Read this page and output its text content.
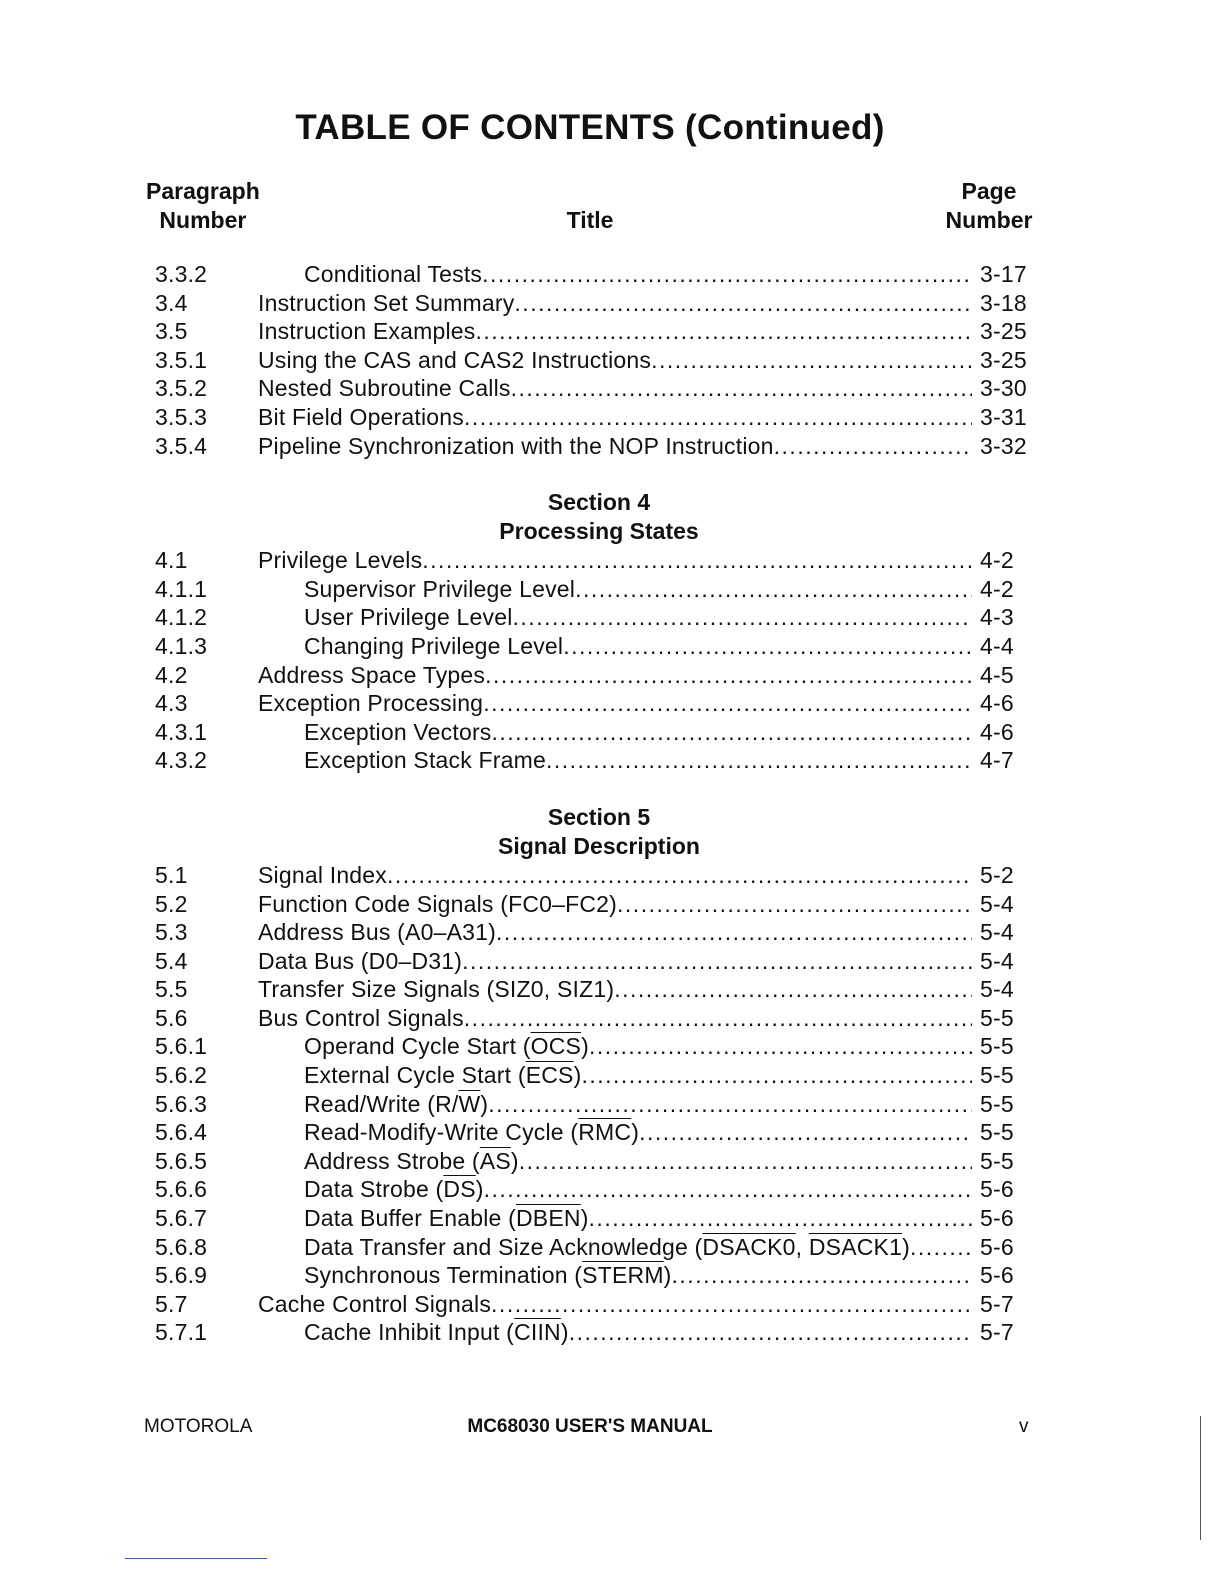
TABLE OF CONTENTS (Continued)
Paragraph
Number	Title
Page
Number
3.3.2	Conditional Tests .....	3-17
3.4	Instruction Set Summary .....	3-18
3.5	Instruction Examples .....	3-25
3.5.1 Using the CAS and CAS2 Instructions .....	3-25
3.5.2 Nested Subroutine Calls .....	3-30
3.5.3 Bit Field Operations .....	3-31
3.5.4 Pipeline Synchronization with the NOP Instruction .....	3-32
Section 4
Processing States
4.1	Privilege Levels .....	4-2
4.1.1	Supervisor Privilege Level .....	4-2
4.1.2	User Privilege Level .....	4-3
4.1.3	Changing Privilege Level .....	4-4
4.2	Address Space Types .....	4-5
4.3	Exception Processing .....	4-6
4.3.1	Exception Vectors .....	4-6
4.3.2	Exception Stack Frame .....	4-7
Section 5
Signal Description
5.1	Signal Index .....	5-2
5.2	Function Code Signals (FC0–FC2) .....	5-4
5.3	Address Bus (A0–A31) .....	5-4
5.4	Data Bus (D0–D31) .....	5-4
5.5	Transfer Size Signals (SIZ0, SIZ1) .....	5-4
5.6	Bus Control Signals .....	5-5
5.6.1	Operand Cycle Start $(\overline{OCS})$ .....	5-5
5.6.2	External Cycle Start $(\overline{ECS})$ .....	5-5
5.6.3	Read/Write $(R/\overline{W})$ .....	5-5
5.6.4	Read-Modify-Write Cycle $(\overline{RMC})$ .....	5-5
5.6.5	Address Strobe $(\overline{AS})$ .....	5-5
5.6.6	Data Strobe $(\overline{DS})$ .....	5-6
5.6.7	Data Buffer Enable (DBEN) .....	5-6
5.6.8	Data Transfer and Size Acknowledge (DSACK0, DSACK1) .....	5-6
5.6.9	Synchronous Termination (STERM) .....	5-6
5.7	Cache Control Signals .....	5-7
5.7.1	Cache Inhibit Input (CIIN) .....	5-7
MOTOROLA	MC68030 USER'S MANUAL	v
